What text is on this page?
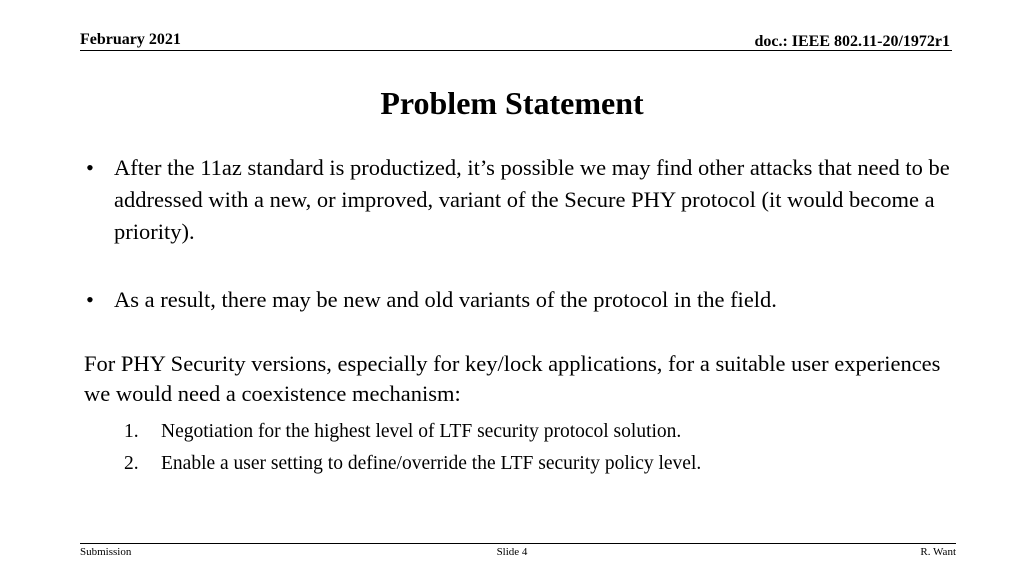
February 2021	doc.: IEEE 802.11-20/1972r1
Problem Statement
• After the 11az standard is productized, it’s possible we may find other attacks that need to be addressed with a new, or improved, variant of the Secure PHY protocol (it would become a priority).
• As a result, there may be new and old variants of the protocol in the field.

For PHY Security versions, especially for key/lock applications, for a suitable user experiences we would need a coexistence mechanism:

1. Negotiation for the highest level of LTF security protocol solution.
2. Enable a user setting to define/override the LTF security policy level.
Submission	Slide 4	R. Want
